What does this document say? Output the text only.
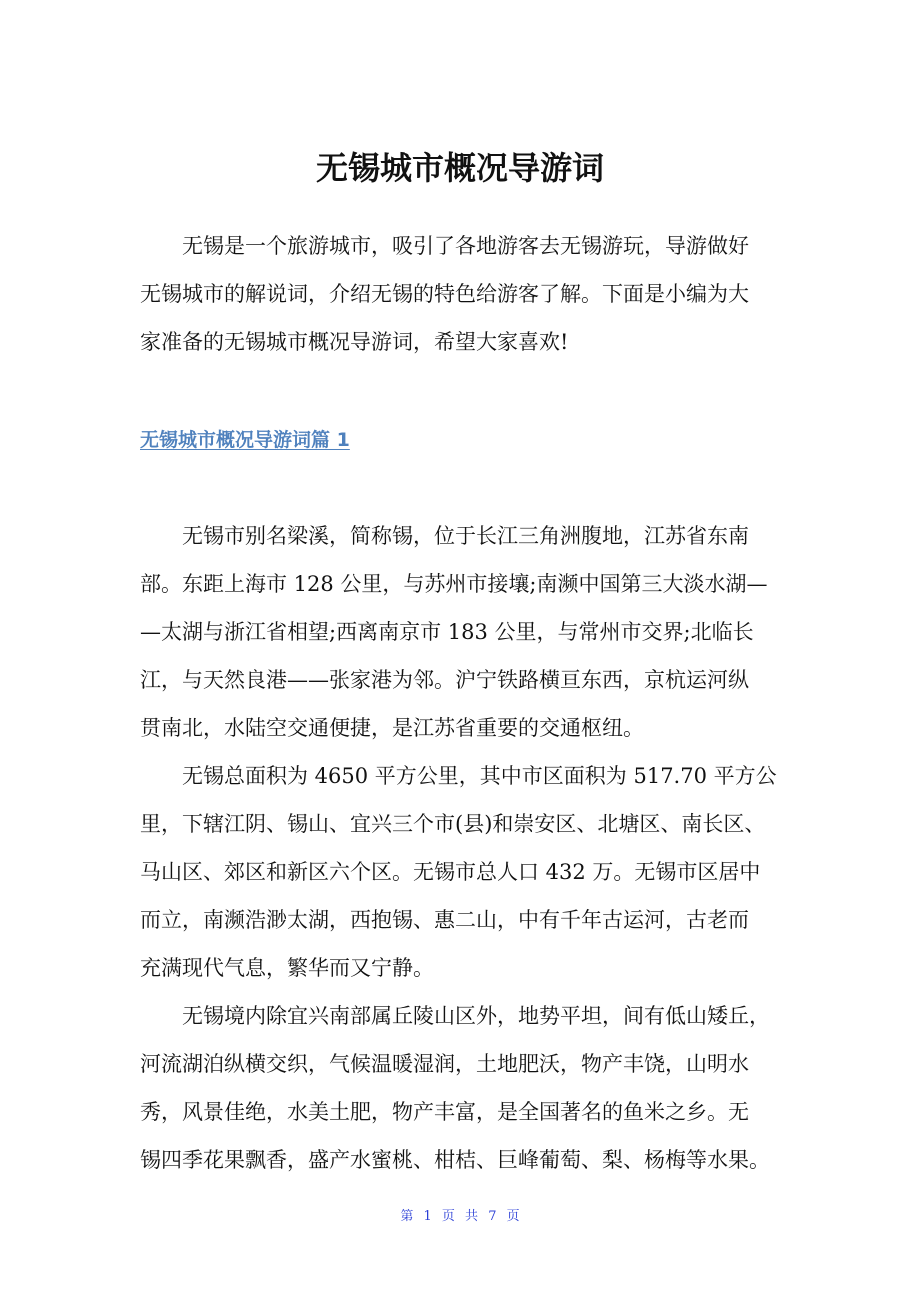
无锡城市概况导游词
无锡是一个旅游城市，吸引了各地游客去无锡游玩，导游做好
无锡城市的解说词，介绍无锡的特色给游客了解。下面是小编为大
家准备的无锡城市概况导游词，希望大家喜欢!
无锡城市概况导游词篇 1
无锡市别名梁溪，简称锡，位于长江三角洲腹地，江苏省东南
部。东距上海市 128 公里，与苏州市接壤;南濒中国第三大淡水湖—
—太湖与浙江省相望;西离南京市 183 公里，与常州市交界;北临长
江，与天然良港——张家港为邻。沪宁铁路横亘东西，京杭运河纵
贯南北，水陆空交通便捷，是江苏省重要的交通枢纽。
无锡总面积为 4650 平方公里，其中市区面积为 517.70 平方公
里，下辖江阴、锡山、宜兴三个市(县)和崇安区、北塘区、南长区、
马山区、郊区和新区六个区。无锡市总人口 432 万。无锡市区居中
而立，南濒浩渺太湖，西抱锡、惠二山，中有千年古运河，古老而
充满现代气息，繁华而又宁静。
无锡境内除宜兴南部属丘陵山区外，地势平坦，间有低山矮丘，
河流湖泊纵横交织，气候温暖湿润，土地肥沃，物产丰饶，山明水
秀，风景佳绝，水美土肥，物产丰富，是全国著名的鱼米之乡。无
锡四季花果飘香，盛产水蜜桃、柑桔、巨峰葡萄、梨、杨梅等水果。
第 1 页 共 7 页
